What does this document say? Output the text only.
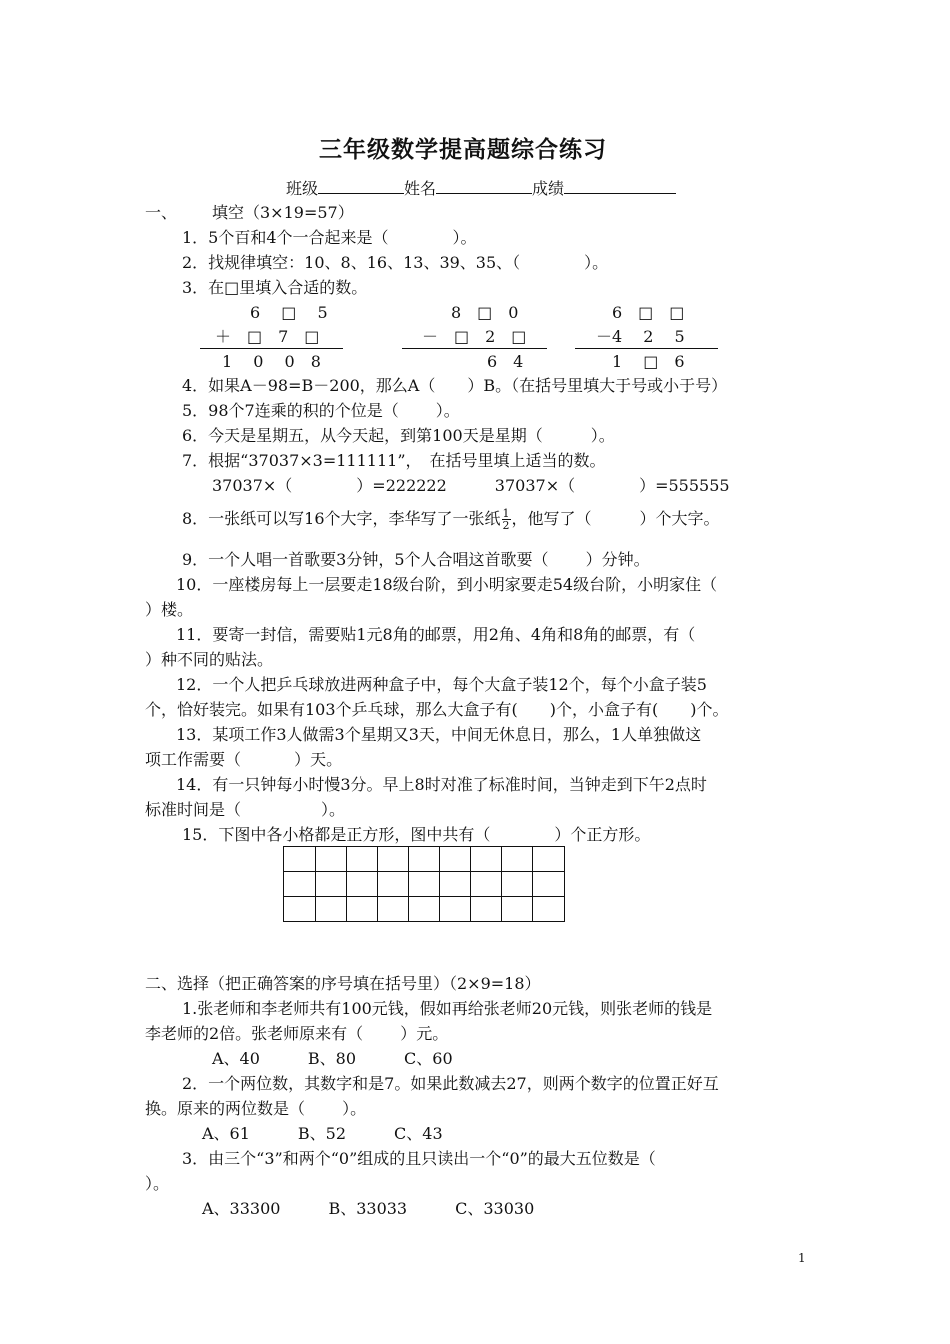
三年级数学提高题综合练习
班级	姓名	成绩
一、 填空（3×19=57）
1．5个百和4个一合起来是（　　　　）。
2．找规律填空：10、8、16、13、39、35、（　　　　）。
3．在□里填入合适的数。
6 　□　 5
＋　□　7　□
1　 0　 0　8
8　□　0
－　□　2　□
6　4
6　□　□
－4　 2　 5
1　 □　6
4．如果A－98=B－200，那么A（　　）B。（在括号里填大于号或小于号）
5．98个7连乘的积的个位是（　　 ）。
6．今天是星期五，从今天起，到第100天是星期（　　　）。
7．根据“37037×3=111111”，　在括号里填上适当的数。
37037×（　　　　）=222222　　　37037×（　　　　）=555555
8．一张纸可以写16个大字，李华写了一张纸 $\frac{1}{2}$ ，他写了（　　　）个大字。
9．一个人唱一首歌要3分钟，5个人合唱这首歌要（　　 ）分钟。
10．一座楼房每上一层要走18级台阶，到小明家要走54级台阶，小明家住（
）楼。
11．要寄一封信，需要贴1元8角的邮票，用2角、4角和8角的邮票，有（
）种不同的贴法。
12．一个人把乒乓球放进两种盒子中，每个大盒子装12个，每个小盒子装5
个，恰好装完。如果有103个乒乓球，那么大盒子有(　　)个，小盒子有(　　)个。
13．某项工作3人做需3个星期又3天，中间无休息日，那么，1人单独做这
项工作需要（　　　 ）天。
14．有一只钟每小时慢3分。早上8时对准了标准时间，当钟走到下午2点时
标准时间是（　　　　　）。
15．下图中各小格都是正方形，图中共有（　　　　）个正方形。
二、选择（把正确答案的序号填在括号里）（2×9=18）
1.张老师和李老师共有100元钱，假如再给张老师20元钱，则张老师的钱是
李老师的2倍。张老师原来有（　　 ）元。
A、40　　　B、80　　　C、60
2．一个两位数，其数字和是7。如果此数减去27，则两个数字的位置正好互
换。原来的两位数是（　　 ）。
A、61　　　B、52　　　C、43
3．由三个“3”和两个“0”组成的且只读出一个“0”的最大五位数是（
）。
A、33300　　　B、33033　　　C、33030
1
